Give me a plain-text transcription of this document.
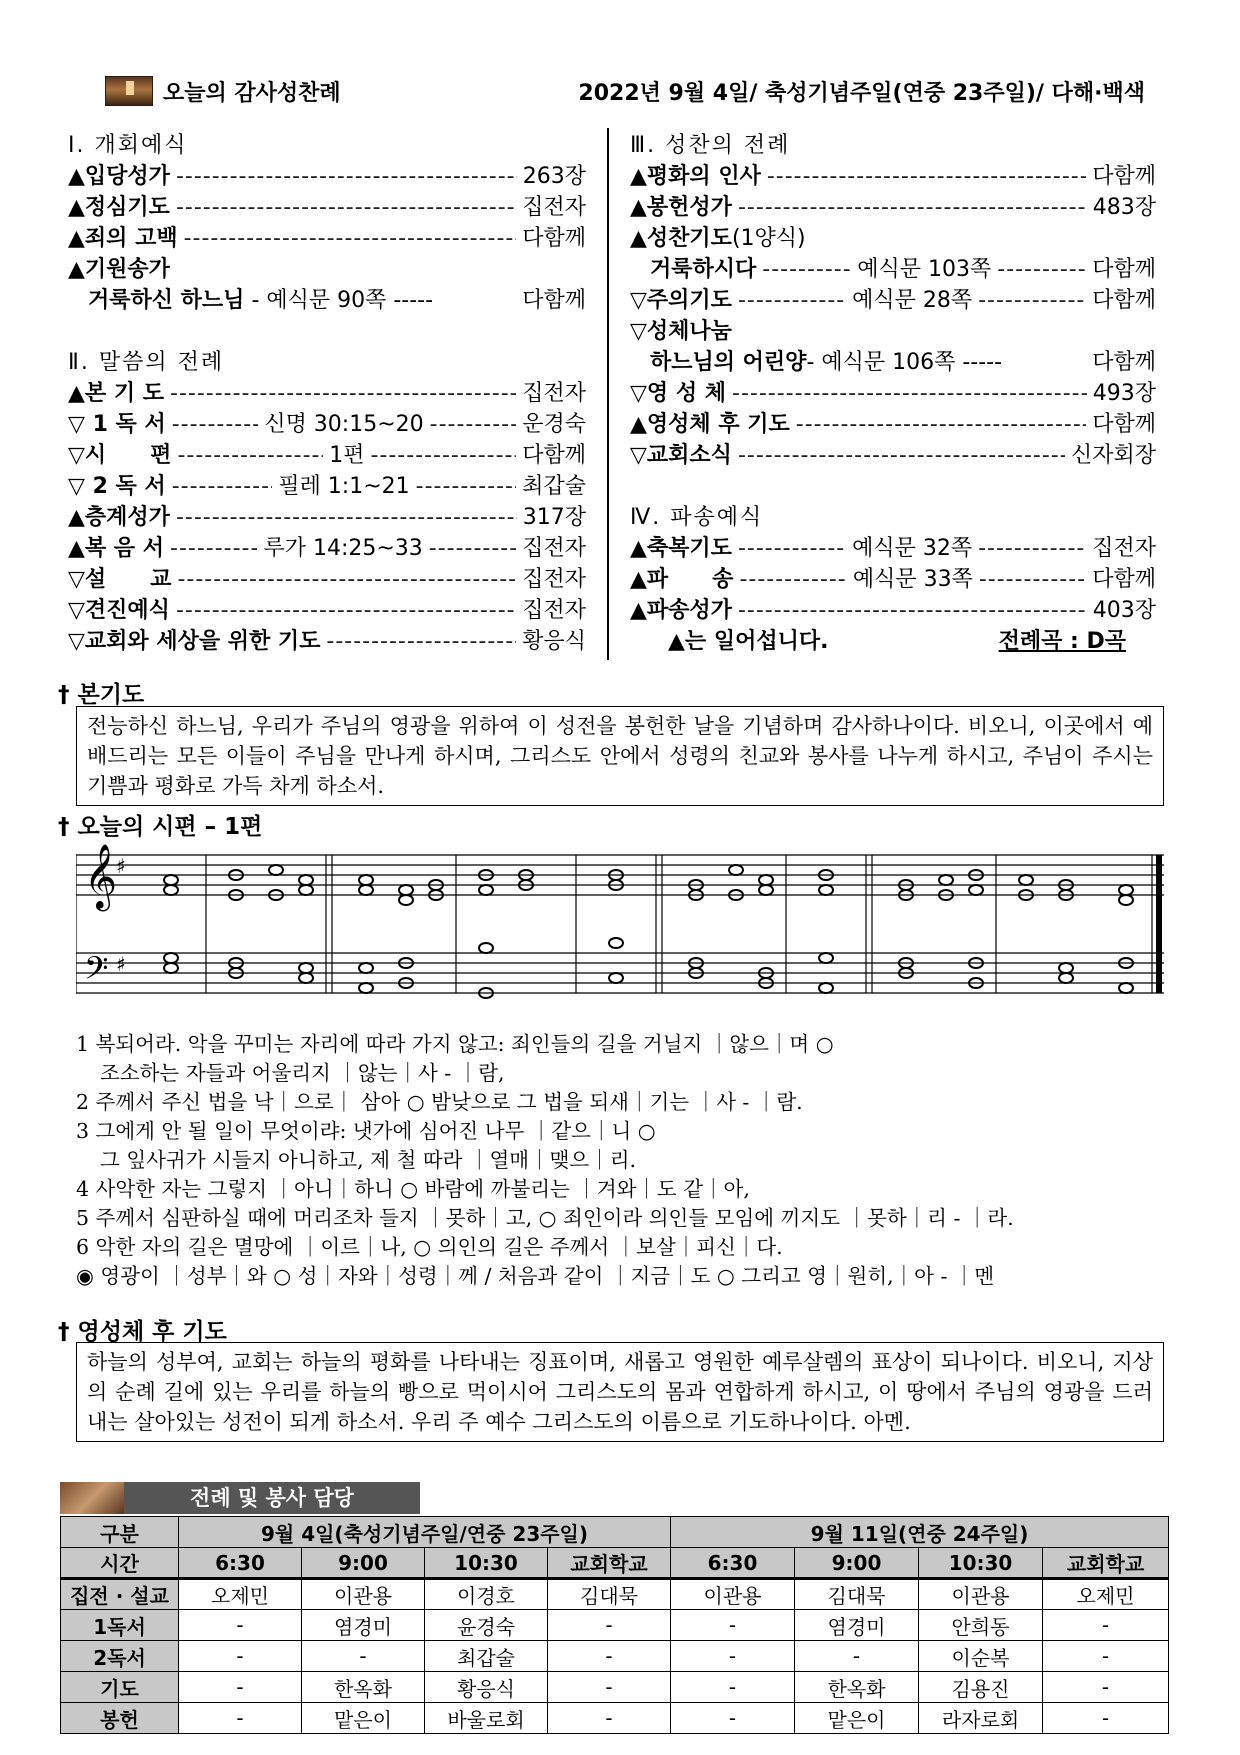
오늘의 감사성찬례	2022년 9월 4일/ 축성기념주일(연중 23주일)/ 다해·백색
Ⅰ. 개회예식
▲입당성가 -----	263장
▲정심기도 -----	집전자
▲죄의 고백 -----	다함께
▲기원송가
거룩하신 하느님
- 예식문 90쪽 -----	다함께
Ⅱ. 말씀의 전례
▲본 기 도 -----	집전자
▽ 1 독 서 -----	신명 30:15~20 -----	운경숙
▽시　　편 -----	1편 -----	다함께
▽ 2 독 서 -----	필레 1:1~21 -----	최갑술
▲층계성가 -----	317장
▲복 음 서 -----	루가 14:25~33 -----	집전자
▽설　　교 -----	집전자
▽견진예식 -----	집전자
▽교회와 세상을 위한 기도 -----	황응식
Ⅲ. 성찬의 전례
▲평화의 인사 -----	다함께
▲봉헌성가 -----	483장
▲성찬기도 (1양식)
거룩하시다 -----	예식문 103쪽 -----	다함께
▽주의기도 -----	예식문 28쪽 -----	다함께
▽성체나눔
하느님의 어린양 - 예식문 106쪽 -----	다함께
▽영 성 체 -----	493장
▲영성체 후 기도 -----	다함께
▽교회소식 -----	신자회장
Ⅳ. 파송예식
▲축복기도 -----	예식문 32쪽 -----	집전자
▲파　　송 -----	예식문 33쪽 -----	다함께
▲파송성가 -----	403장
▲는 일어섭니다.	전례곡 : D곡
† 본기도
전능하신 하느님, 우리가 주님의 영광을 위하여 이 성전을 봉헌한 날을 기념하며 감사하나이다. 비오니, 이곳에서 예배드리는 모든 이들이 주님을 만나게 하시며, 그리스도 안에서 성령의 친교와 봉사를 나누게 하시고, 주님이 주시는 기쁨과 평화로 가득 차게 하소서.
† 오늘의 시편 – 1편
𝄞
♯
𝄢 ♯
1 복되어라. 악을 꾸미는 자리에 따라 가지 않고: 죄인들의 길을 거닐지 ｜않으｜며 ○
조소하는 자들과 어울리지 ｜않는｜사 - ｜람,
2 주께서 주신 법을 낙｜으로｜ 삼아 ○ 밤낮으로 그 법을 되새｜기는 ｜사 - ｜람.
3 그에게 안 될 일이 무엇이랴: 냇가에 심어진 나무 ｜같으｜니 ○
그 잎사귀가 시들지 아니하고, 제 철 따라 ｜열매｜맺으｜리.
4 사악한 자는 그렇지 ｜아니｜하니 ○ 바람에 까불리는 ｜겨와｜도 같｜아,
5 주께서 심판하실 때에 머리조차 들지 ｜못하｜고, ○ 죄인이라 의인들 모임에 끼지도 ｜못하｜리 - ｜라.
6 악한 자의 길은 멸망에 ｜이르｜나, ○ 의인의 길은 주께서 ｜보살｜피신｜다.
◉ 영광이 ｜성부｜와 ○ 성｜자와｜성령｜께 / 처음과 같이 ｜지금｜도 ○ 그리고 영｜원히,｜아 - ｜멘
† 영성체 후 기도
하늘의 성부여, 교회는 하늘의 평화를 나타내는 징표이며, 새롭고 영원한 예루살렘의 표상이 되나이다. 비오니, 지상의 순례 길에 있는 우리를 하늘의 빵으로 먹이시어 그리스도의 몸과 연합하게 하시고, 이 땅에서 주님의 영광을 드러내는 살아있는 성전이 되게 하소서. 우리 주 예수 그리스도의 이름으로 기도하나이다. 아멘.
전례 및 봉사 담당
구분	9월 4일(축성기념주일/연중 23주일)				9월 11일(연중 24주일)			
시간	6:30	9:00	10:30	교회학교	6:30	9:00	10:30	교회학교
집전 · 설교	오제민	이관용	이경호	김대묵	이관용	김대묵	이관용	오제민
1독서	-	염경미	윤경숙	-	-	염경미	안희동	-
2독서	-	-	최갑술	-	-	-	이순복	-
기도	-	한옥화	황응식	-	-	한옥화	김용진	-
봉헌	-	맡은이	바울로회	-	-	맡은이	라자로회	-
